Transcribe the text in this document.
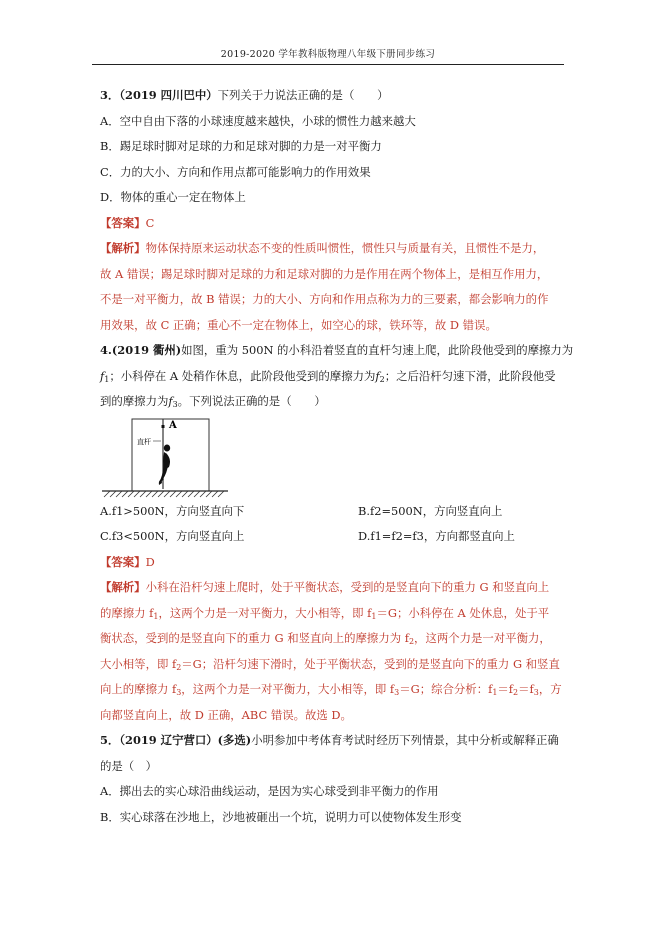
2019-2020 学年教科版物理八年级下册同步练习
3．（2019 四川巴中）下列关于力说法正确的是（　　）
A．空中自由下落的小球速度越来越快，小球的惯性力越来越大
B．踢足球时脚对足球的力和足球对脚的力是一对平衡力
C．力的大小、方向和作用点都可能影响力的作用效果
D．物体的重心一定在物体上
【答案】C
【解析】物体保持原来运动状态不变的性质叫惯性，惯性只与质量有关，且惯性不是力，
故 A 错误；踢足球时脚对足球的力和足球对脚的力是作用在两个物体上，是相互作用力，
不是一对平衡力，故 B 错误；力的大小、方向和作用点称为力的三要素，都会影响力的作
用效果，故 C 正确；重心不一定在物体上，如空心的球，铁环等，故 D 错误。
4.(2019 衢州)如图，重为 500N 的小科沿着竖直的直杆匀速上爬，此阶段他受到的摩擦力为
$f_1$；小科停在 A 处稍作休息，此阶段他受到的摩擦力为$f_2$；之后沿杆匀速下滑，此阶段他受
到的摩擦力为$f_3$。下列说法正确的是（　　）
A
直杆
A.f1>500N，方向竖直向下	B.f2=500N，方向竖直向上
C.f3<500N，方向竖直向上	D.f1=f2=f3，方向都竖直向上
【答案】D
【解析】小科在沿杆匀速上爬时，处于平衡状态，受到的是竖直向下的重力 G 和竖直向上
的摩擦力 $f_1$，这两个力是一对平衡力，大小相等，即 $f_1=G$；小科停在 A 处休息，处于平
衡状态，受到的是竖直向下的重力 G 和竖直向上的摩擦力为 $f_2$，这两个力是一对平衡力，
大小相等，即 $f_2=G$；沿杆匀速下滑时，处于平衡状态，受到的是竖直向下的重力 G 和竖直
向上的摩擦力 $f_3$，这两个力是一对平衡力，大小相等，即 $f_3=G$；综合分析：$f_1=f_2=f_3$，方
向都竖直向上，故 D 正确，ABC 错误。故选 D。
5．（2019 辽宁营口）(多选)小明参加中考体育考试时经历下列情景，其中分析或解释正确
的是（　）
A．掷出去的实心球沿曲线运动，是因为实心球受到非平衡力的作用
B．实心球落在沙地上，沙地被砸出一个坑，说明力可以使物体发生形变
